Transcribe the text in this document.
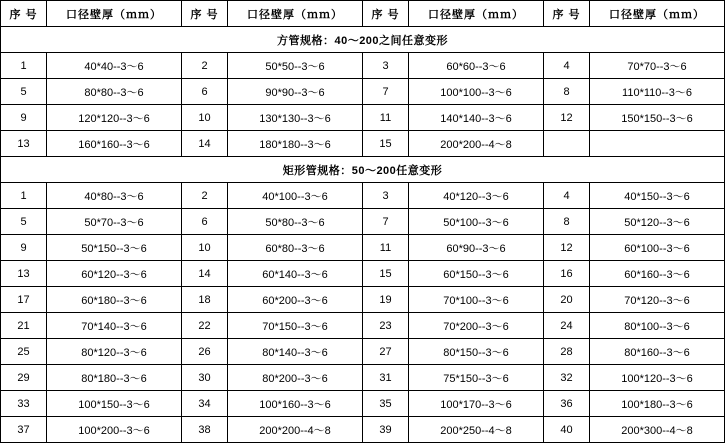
序 号	口径壁厚（ｍｍ）	序 号	口径壁厚（ｍｍ）	序 号	口径壁厚（ｍｍ）	序 号	口径壁厚（ｍｍ）
方管规格：40～200之间任意变形							
1	40*40--3～6	2	50*50--3～6	3	60*60--3～6	4	70*70--3～6
5	80*80--3～6	6	90*90--3～6	7	100*100--3～6	8	110*110--3～6
9	120*120--3～6	10	130*130--3～6	11	140*140--3～6	12	150*150--3～6
13	160*160--3～6	14	180*180--3～6	15	200*200--4～8		
矩形管规格：50～200任意变形							
1	40*80--3～6	2	40*100--3～6	3	40*120--3～6	4	40*150--3～6
5	50*70--3～6	6	50*80--3～6	7	50*100--3～6	8	50*120--3～6
9	50*150--3～6	10	60*80--3～6	11	60*90--3～6	12	60*100--3～6
13	60*120--3～6	14	60*140--3～6	15	60*150--3～6	16	60*160--3～6
17	60*180--3～6	18	60*200--3～6	19	70*100--3～6	20	70*120--3～6
21	70*140--3～6	22	70*150--3～6	23	70*200--3～6	24	80*100--3～6
25	80*120--3～6	26	80*140--3～6	27	80*150--3～6	28	80*160--3～6
29	80*180--3～6	30	80*200--3～6	31	75*150--3～6	32	100*120--3～6
33	100*150--3～6	34	100*160--3～6	35	100*170--3～6	36	100*180--3～6
37	100*200--3～6	38	200*200--4～8	39	200*250--4～8	40	200*300--4～8
